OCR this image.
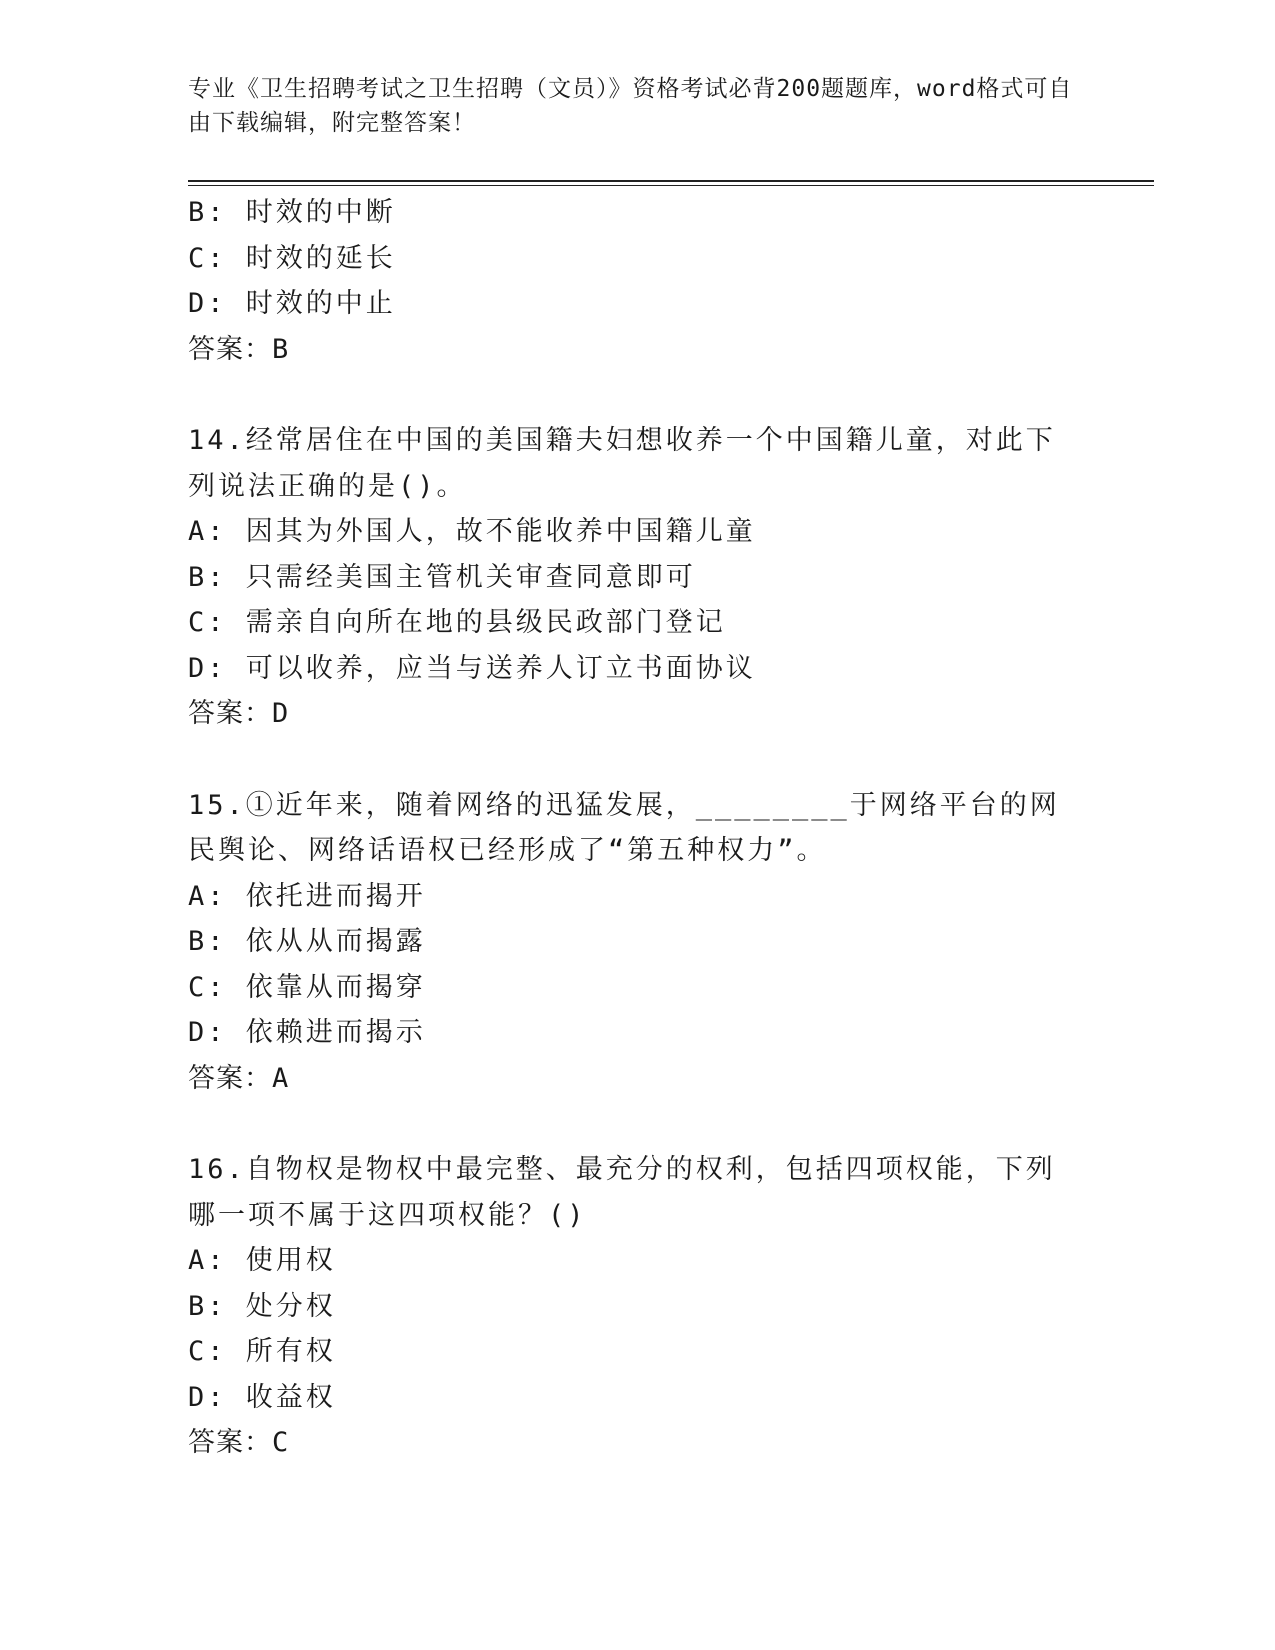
专业《卫生招聘考试之卫生招聘（文员）》资格考试必背200题题库，word格式可自由下载编辑，附完整答案！
B: 时效的中断
C: 时效的延长
D: 时效的中止
答案：B
14.经常居住在中国的美国籍夫妇想收养一个中国籍儿童，对此下列说法正确的是()。
A: 因其为外国人，故不能收养中国籍儿童
B: 只需经美国主管机关审查同意即可
C: 需亲自向所在地的县级民政部门登记
D: 可以收养，应当与送养人订立书面协议
答案：D
15.①近年来，随着网络的迅猛发展，________于网络平台的网民舆论、网络话语权已经形成了“第五种权力”。
A: 依托进而揭开
B: 依从从而揭露
C: 依靠从而揭穿
D: 依赖进而揭示
答案：A
16.自物权是物权中最完整、最充分的权利，包括四项权能，下列哪一项不属于这四项权能？()
A: 使用权
B: 处分权
C: 所有权
D: 收益权
答案：C
